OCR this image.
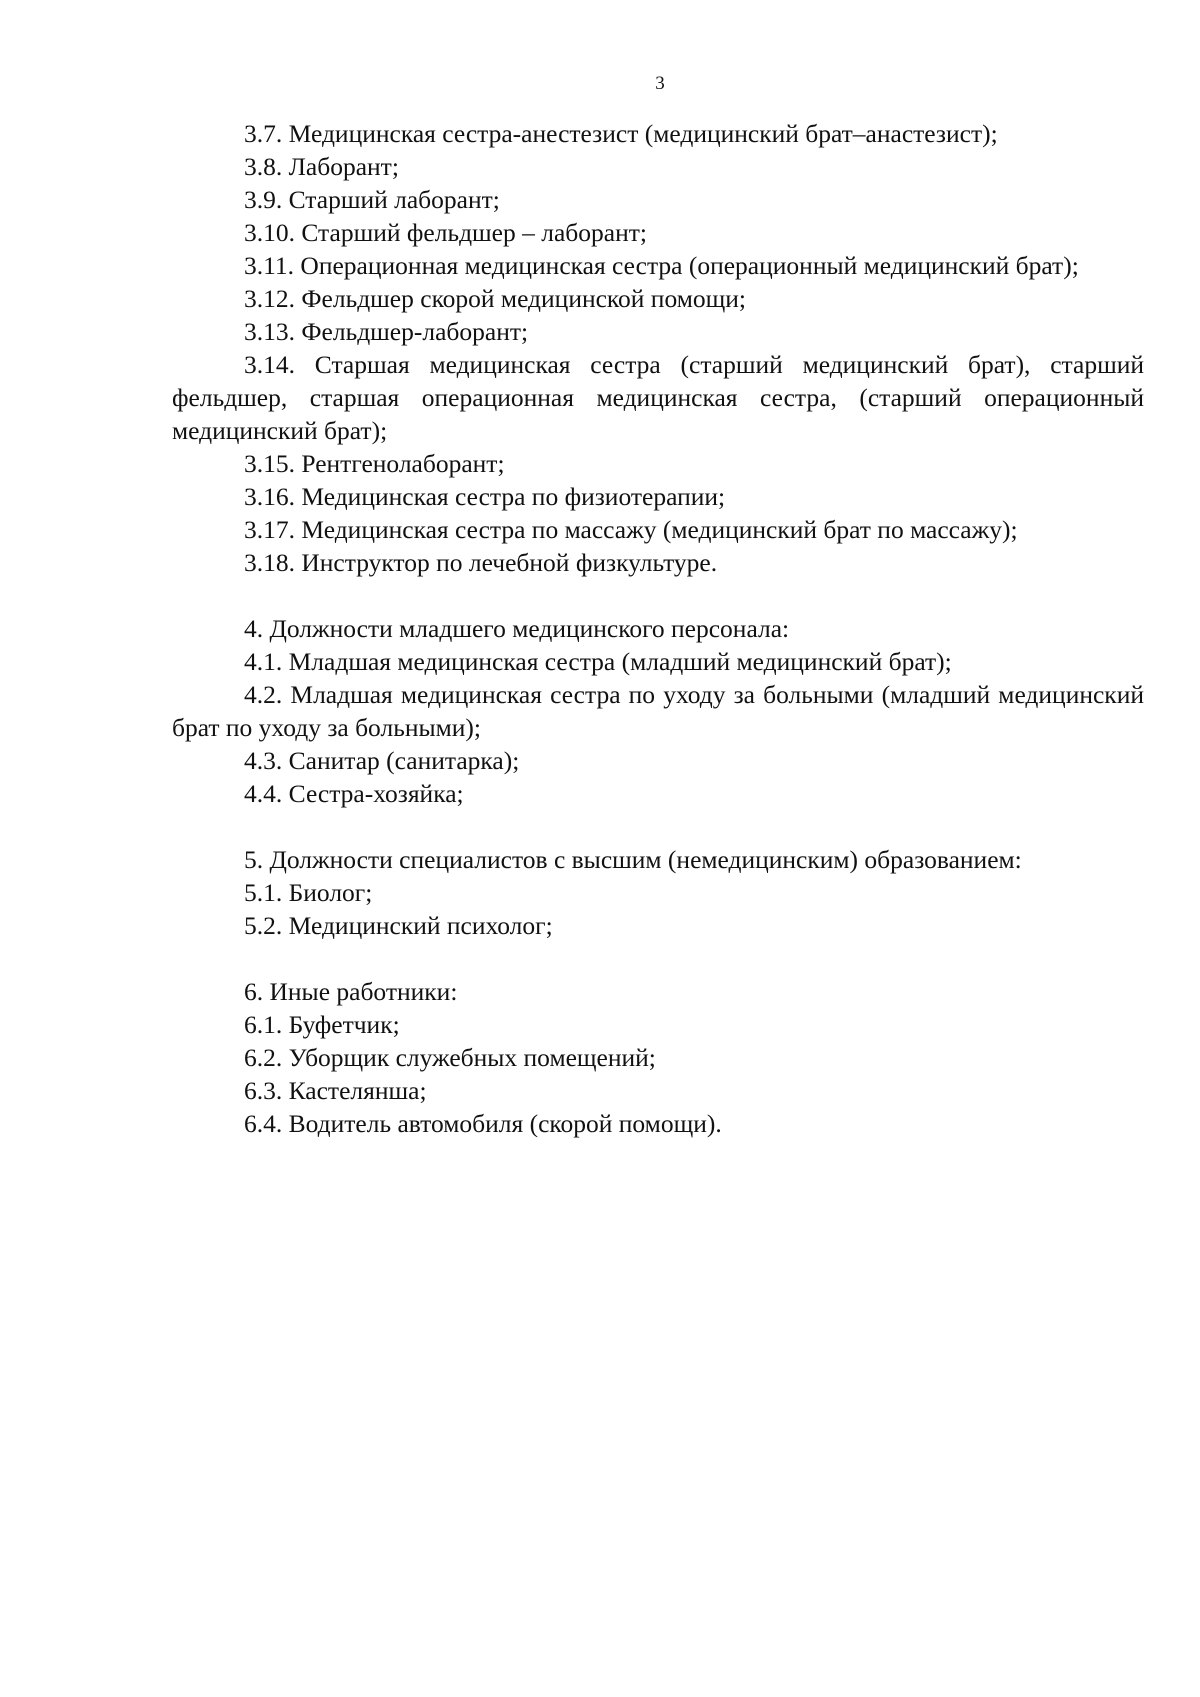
3

3.7. Медицинская сестра-анестезист (медицинский брат–анастезист);

3.8. Лаборант;

3.9. Старший лаборант;

3.10. Старший фельдшер – лаборант;

3.11. Операционная медицинская сестра (операционный медицинский брат);

3.12. Фельдшер скорой медицинской помощи;

3.13. Фельдшер-лаборант;

3.14. Старшая медицинская сестра (старший медицинский брат), старший фельдшер, старшая операционная медицинская сестра, (старший операционный медицинский брат);

3.15. Рентгенолаборант;

3.16. Медицинская сестра по физиотерапии;

3.17. Медицинская сестра по массажу (медицинский брат по массажу);

3.18. Инструктор по лечебной физкультуре.

4. Должности младшего медицинского персонала:

4.1. Младшая медицинская сестра (младший медицинский брат);

4.2. Младшая медицинская сестра по уходу за больными (младший медицинский брат по уходу за больными);

4.3. Санитар (санитарка);

4.4. Сестра-хозяйка;

5. Должности специалистов с высшим (немедицинским) образованием:

5.1. Биолог;

5.2. Медицинский психолог;

6. Иные работники:

6.1. Буфетчик;

6.2. Уборщик служебных помещений;

6.3. Кастелянша;

6.4. Водитель автомобиля (скорой помощи).
